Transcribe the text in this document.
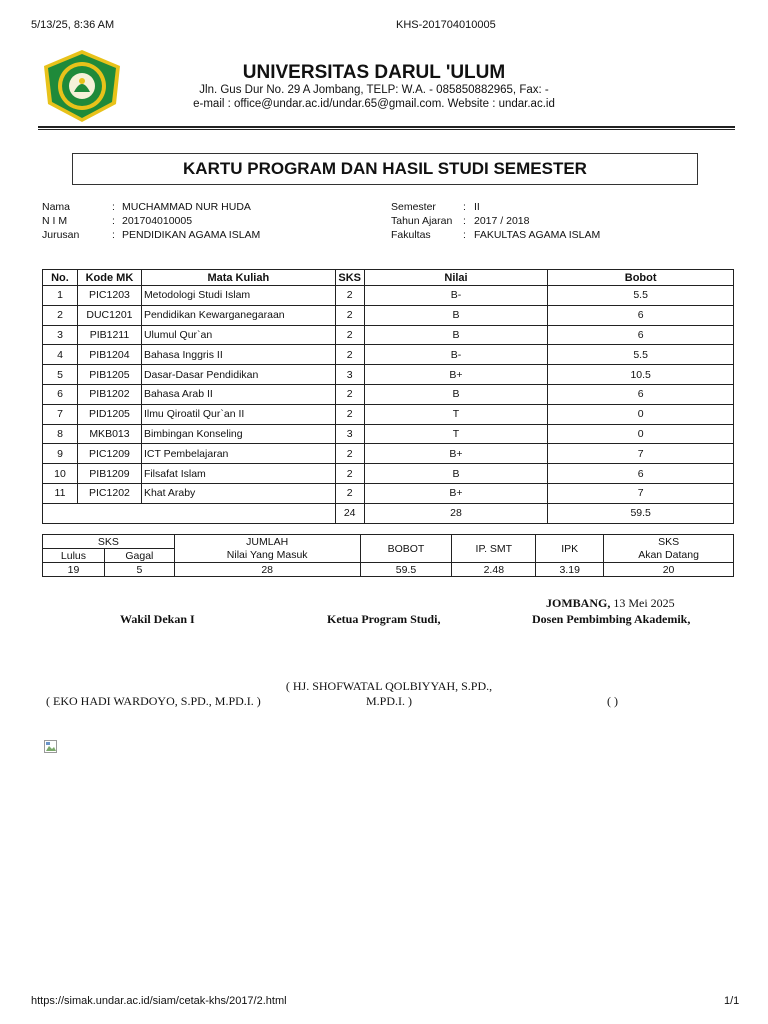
5/13/25, 8:36 AM	KHS-201704010005
UNIVERSITAS DARUL 'ULUM
Jln. Gus Dur No. 29 A Jombang, TELP: W.A. - 085850882965, Fax: -
e-mail : office@undar.ac.id/undar.65@gmail.com. Website : undar.ac.id
KARTU PROGRAM DAN HASIL STUDI SEMESTER
Nama	: MUCHAMMAD NUR HUDA
N I M	: 201704010005
Jurusan	: PENDIDIKAN AGAMA ISLAM
Semester	: II
Tahun Ajaran : 2017 / 2018
Fakultas	: FAKULTAS AGAMA ISLAM
No.	Kode MK	Mata Kuliah	SKS	Nilai	Bobot
1	PIC1203	Metodologi Studi Islam	2	B-	5.5
2	DUC1201	Pendidikan Kewarganegaraan	2	B	6
3	PIB1211	Ulumul Qur`an	2	B	6
4	PIB1204	Bahasa Inggris II	2	B-	5.5
5	PIB1205	Dasar-Dasar Pendidikan	3	B+	10.5
6	PIB1202	Bahasa Arab II	2	B	6
7	PID1205	Ilmu Qiroatil Qur`an II	2	T	0
8	MKB013	Bimbingan Konseling	3	T	0
9	PIC1209	ICT Pembelajaran	2	B+	7
10	PIB1209	Filsafat Islam	2	B	6
11	PIC1202	Khat Araby	2	B+	7
			24	28	59.5
SKS		JUMLAH	BOBOT	IP. SMT	IPK	SKS
Lulus	Gagal	Nilai Yang Masuk				Akan Datang
19	5	28	59.5	2.48	3.19	20
JOMBANG, 13 Mei 2025
Wakil Dekan I	Ketua Program Studi,	Dosen Pembimbing Akademik,
( EKO HADI WARDOYO, S.PD., M.PD.I. )
( HJ. SHOFWATAL QOLBIYYAH, S.PD.,
M.PD.I. )	( )
https://simak.undar.ac.id/siam/cetak-khs/2017/2.html	1/1
